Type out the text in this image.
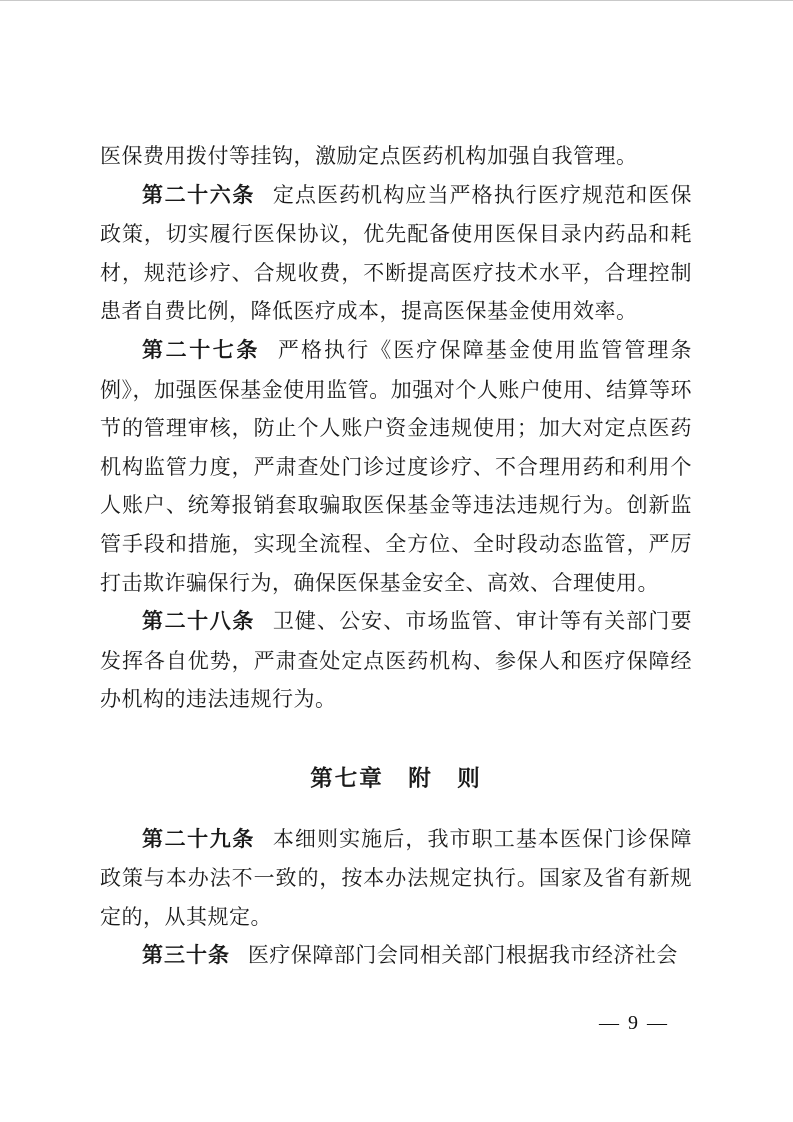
医保费用拨付等挂钩，激励定点医药机构加强自我管理。

第二十六条 定点医药机构应当严格执行医疗规范和医保政策，切实履行医保协议，优先配备使用医保目录内药品和耗材，规范诊疗、合规收费，不断提高医疗技术水平，合理控制患者自费比例，降低医疗成本，提高医保基金使用效率。

第二十七条 严格执行《医疗保障基金使用监管管理条例》，加强医保基金使用监管。加强对个人账户使用、结算等环节的管理审核，防止个人账户资金违规使用；加大对定点医药机构监管力度，严肃查处门诊过度诊疗、不合理用药和利用个人账户、统筹报销套取骗取医保基金等违法违规行为。创新监管手段和措施，实现全流程、全方位、全时段动态监管，严厉打击欺诈骗保行为，确保医保基金安全、高效、合理使用。

第二十八条 卫健、公安、市场监管、审计等有关部门要发挥各自优势，严肃查处定点医药机构、参保人和医疗保障经办机构的违法违规行为。

第七章　附　则

第二十九条 本细则实施后，我市职工基本医保门诊保障政策与本办法不一致的，按本办法规定执行。国家及省有新规定的，从其规定。

第三十条 医疗保障部门会同相关部门根据我市经济社会

— 9 —
